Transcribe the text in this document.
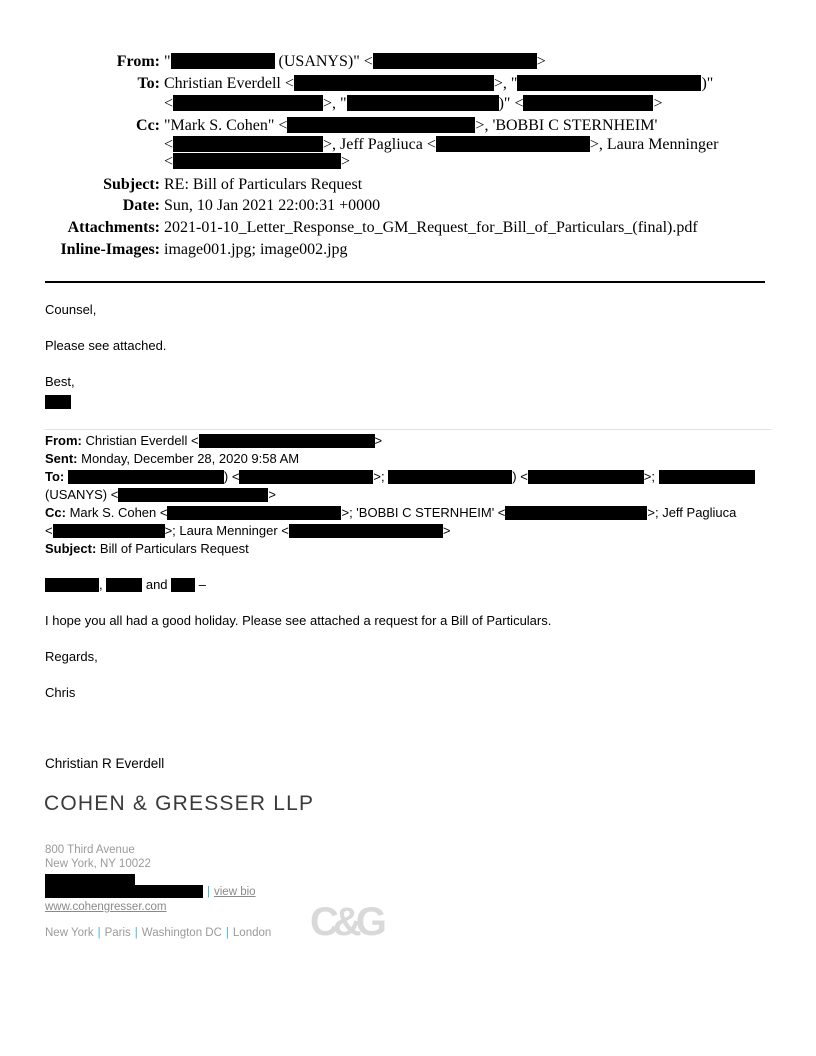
From: "	(USANYS)" <	>
To: Christian Everdell <	>, "	)"
<	>, "	)" <	>
Cc: "Mark S. Cohen" <	>, 'BOBBI C STERNHEIM'
<	>, Jeff Pagliuca <	>, Laura Menninger
<	>
Subject: RE: Bill of Particulars Request
Date: Sun, 10 Jan 2021 22:00:31 +0000
Attachments: 2021-01-10_Letter_Response_to_GM_Request_for_Bill_of_Particulars_(final).pdf
Inline-Images: image001.jpg; image002.jpg
Counsel,
Please see attached.
Best,
From: Christian Everdell <	>
Sent: Monday, December 28, 2020 9:58 AM
To:	) <	>;	) <	>;
(USANYS) <	>
Cc: Mark S. Cohen <	>; 'BOBBI C STERNHEIM' <	>; Jeff Pagliuca
<	>; Laura Menninger <	>
Subject: Bill of Particulars Request
,	and  –
I hope you all had a good holiday. Please see attached a request for a Bill of Particulars.
Regards,
Chris
Christian R Everdell
COHEN & GRESSER LLP
800 Third Avenue
New York, NY 10022
| view bio
www.cohengresser.com
New York | Paris | Washington DC | London C&G
